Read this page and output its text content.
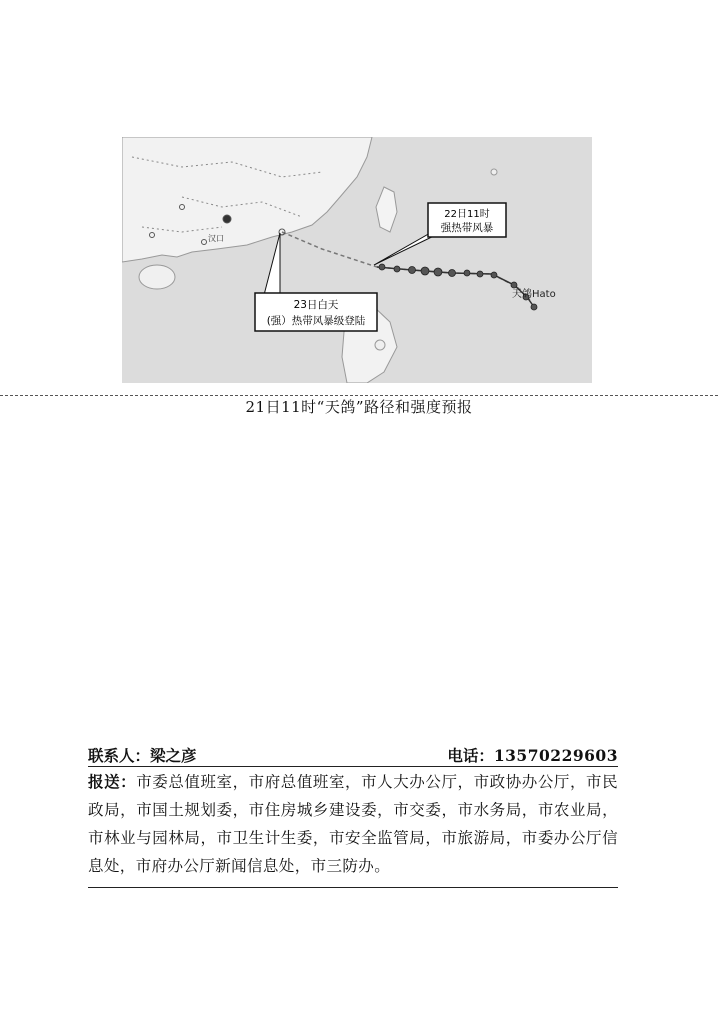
天鸽Hato
汉口
22日11时
强热带风暴
23日白天
(强）热带风暴级登陆
21日11时“天鸽”路径和强度预报
联系人：梁之彦	电话：13570229603
报送：市委总值班室，市府总值班室，市人大办公厅，市政协办公厅，市民政局，市国土规划委，市住房城乡建设委，市交委，市水务局，市农业局，市林业与园林局，市卫生计生委，市安全监管局，市旅游局，市委办公厅信息处，市府办公厅新闻信息处，市三防办。
